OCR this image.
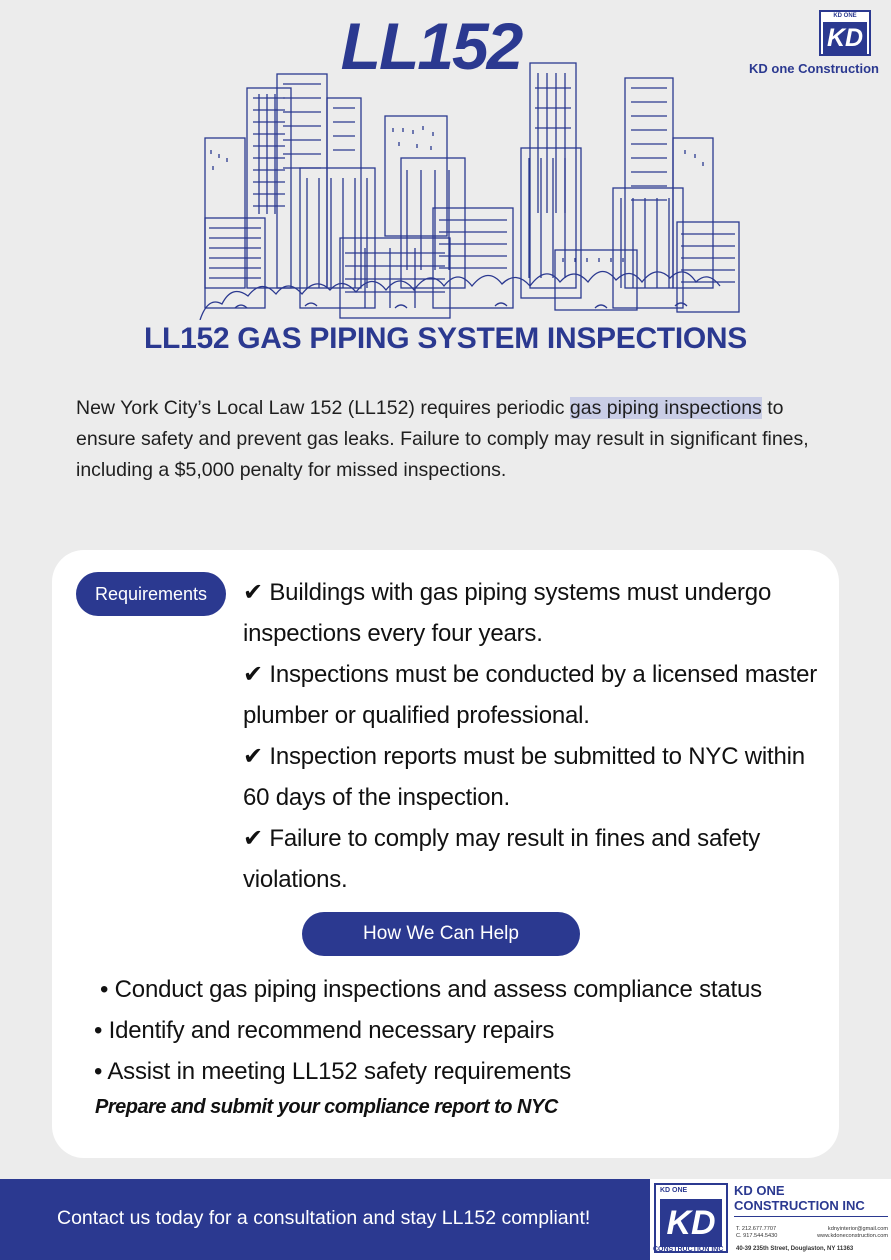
LL152	KD ONE
KD
KD one Construction
LL152 GAS PIPING SYSTEM INSPECTIONS
New York City’s Local Law 152 (LL152) requires periodic gas piping inspections to ensure safety and prevent gas leaks. Failure to comply may result in significant fines, including a $5,000 penalty for missed inspections.
Requirements	✔ Buildings with gas piping systems must undergo inspections every four years.
✔ Inspections must be conducted by a licensed master plumber or qualified professional.
✔ Inspection reports must be submitted to NYC within 60 days of the inspection.
✔ Failure to comply may result in fines and safety violations.
How We Can Help
• Conduct gas piping inspections and assess compliance status
• Identify and recommend necessary repairs
• Assist in meeting LL152 safety requirements
Prepare and submit your compliance report to NYC
Contact us today for a consultation and stay LL152 compliant!
KD ONE
KD
CONSTRUCTION INC
KD ONE
CONSTRUCTION INC
T. 212.677.7707	kdnyinterior@gmail.com
C. 917.544.5430	www.kdoneconstruction.com
40-39 235th Street, Douglaston, NY 11363
